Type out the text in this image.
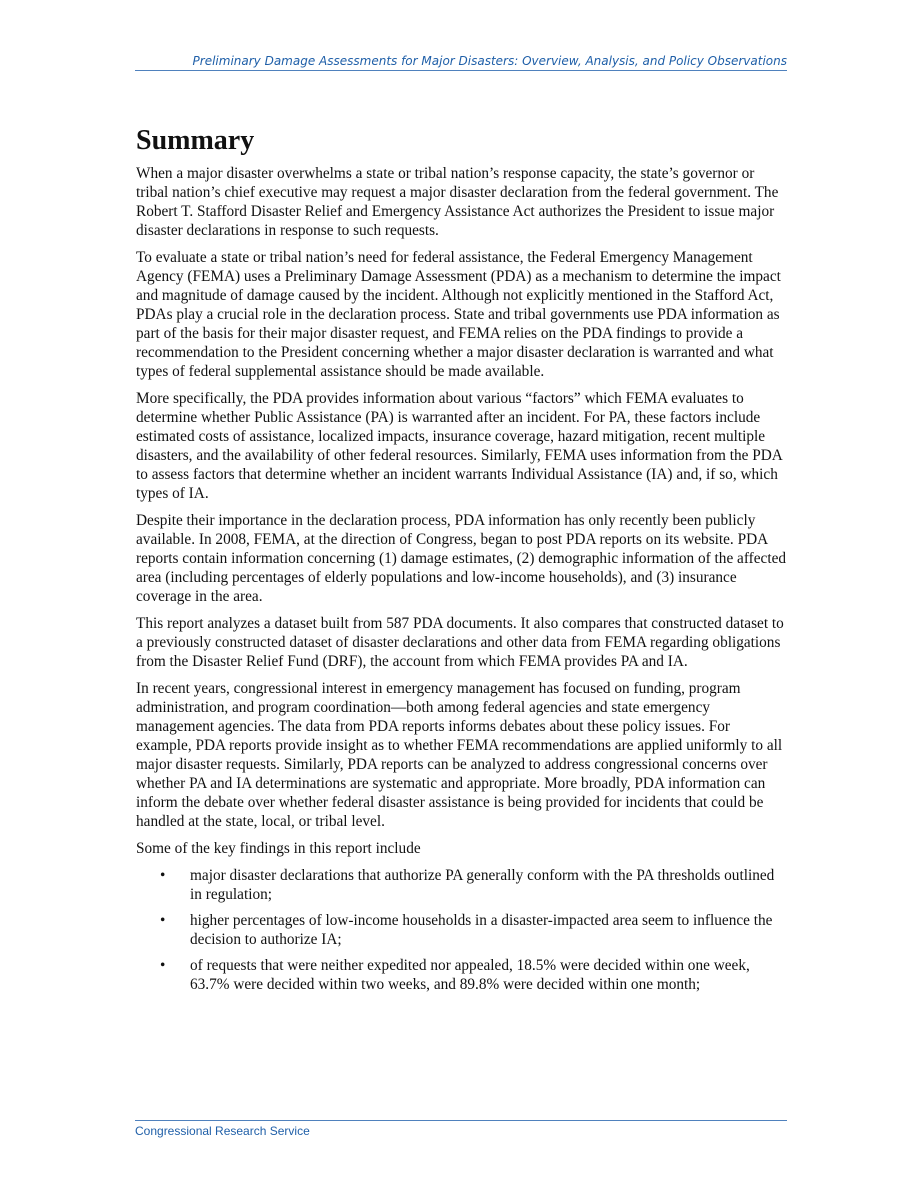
Preliminary Damage Assessments for Major Disasters: Overview, Analysis, and Policy Observations
Summary

When a major disaster overwhelms a state or tribal nation’s response capacity, the state’s governor or tribal nation’s chief executive may request a major disaster declaration from the federal government. The Robert T. Stafford Disaster Relief and Emergency Assistance Act authorizes the President to issue major disaster declarations in response to such requests.

To evaluate a state or tribal nation’s need for federal assistance, the Federal Emergency Management Agency (FEMA) uses a Preliminary Damage Assessment (PDA) as a mechanism to determine the impact and magnitude of damage caused by the incident. Although not explicitly mentioned in the Stafford Act, PDAs play a crucial role in the declaration process. State and tribal governments use PDA information as part of the basis for their major disaster request, and FEMA relies on the PDA findings to provide a recommendation to the President concerning whether a major disaster declaration is warranted and what types of federal supplemental assistance should be made available.

More specifically, the PDA provides information about various “factors” which FEMA evaluates to determine whether Public Assistance (PA) is warranted after an incident. For PA, these factors include estimated costs of assistance, localized impacts, insurance coverage, hazard mitigation, recent multiple disasters, and the availability of other federal resources. Similarly, FEMA uses information from the PDA to assess factors that determine whether an incident warrants Individual Assistance (IA) and, if so, which types of IA.

Despite their importance in the declaration process, PDA information has only recently been publicly available. In 2008, FEMA, at the direction of Congress, began to post PDA reports on its website. PDA reports contain information concerning (1) damage estimates, (2) demographic information of the affected area (including percentages of elderly populations and low-income households), and (3) insurance coverage in the area.

This report analyzes a dataset built from 587 PDA documents. It also compares that constructed dataset to a previously constructed dataset of disaster declarations and other data from FEMA regarding obligations from the Disaster Relief Fund (DRF), the account from which FEMA provides PA and IA.

In recent years, congressional interest in emergency management has focused on funding, program administration, and program coordination—both among federal agencies and state emergency management agencies. The data from PDA reports informs debates about these policy issues. For example, PDA reports provide insight as to whether FEMA recommendations are applied uniformly to all major disaster requests. Similarly, PDA reports can be analyzed to address congressional concerns over whether PA and IA determinations are systematic and appropriate. More broadly, PDA information can inform the debate over whether federal disaster assistance is being provided for incidents that could be handled at the state, local, or tribal level.

Some of the key findings in this report include

• major disaster declarations that authorize PA generally conform with the PA thresholds outlined in regulation;
• higher percentages of low-income households in a disaster-impacted area seem to influence the decision to authorize IA;
• of requests that were neither expedited nor appealed, 18.5% were decided within one week, 63.7% were decided within two weeks, and 89.8% were decided within one month;
Congressional Research Service
